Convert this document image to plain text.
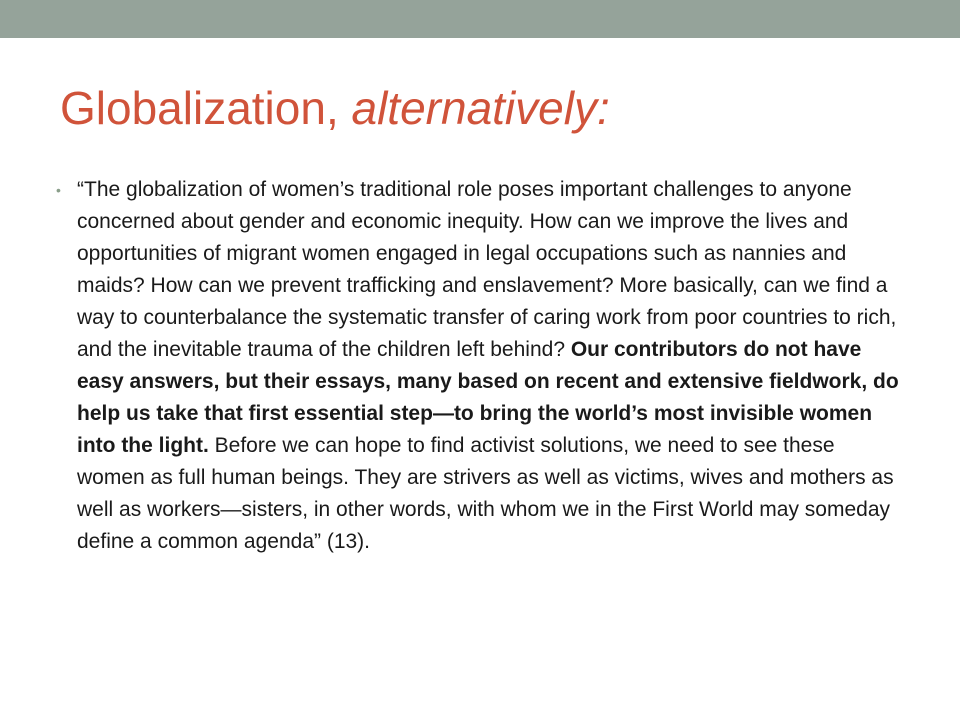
Globalization, alternatively:
• “The globalization of women’s traditional role poses important challenges to anyone concerned about gender and economic inequity. How can we improve the lives and opportunities of migrant women engaged in legal occupations such as nannies and maids? How can we prevent trafficking and enslavement? More basically, can we find a way to counterbalance the systematic transfer of caring work from poor countries to rich, and the inevitable trauma of the children left behind? Our contributors do not have easy answers, but their essays, many based on recent and extensive fieldwork, do help us take that first essential step—to bring the world’s most invisible women into the light. Before we can hope to find activist solutions, we need to see these women as full human beings. They are strivers as well as victims, wives and mothers as well as workers—sisters, in other words, with whom we in the First World may someday define a common agenda” (13).
